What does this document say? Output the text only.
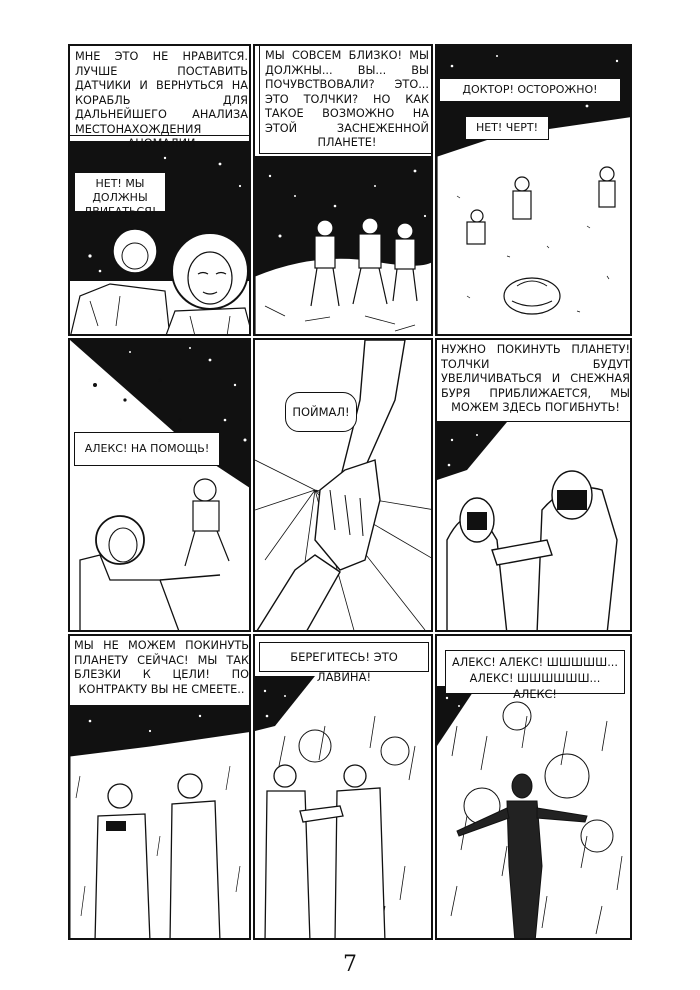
МНЕ ЭТО НЕ НРАВИТСЯ. ЛУЧШЕ ПОСТАВИТЬ ДАТЧИКИ И ВЕРНУТЬСЯ НА КОРАБЛЬ ДЛЯ ДАЛЬНЕЙШЕГО АНАЛИЗА МЕСТОНАХОЖДЕНИЯ АНОМАЛИИ
НЕТ! МЫ ДОЛЖНЫ ДВИГАТЬСЯ!
МЫ СОВСЕМ БЛИЗКО! МЫ ДОЛЖНЫ... ВЫ... ВЫ ПОЧУВСТВОВАЛИ? ЭТО... ЭТО ТОЛЧКИ? НО КАК ТАКОЕ ВОЗМОЖНО НА ЭТОЙ ЗАСНЕЖЕННОЙ ПЛАНЕТЕ!
ДОКТОР! ОСТОРОЖНО!
НЕТ! ЧЕРТ!
АЛЕКС! НА ПОМОЩЬ!
ПОЙМАЛ!
НУЖНО ПОКИНУТЬ ПЛАНЕТУ! ТОЛЧКИ БУДУТ УВЕЛИЧИВАТЬСЯ И СНЕЖНАЯ БУРЯ ПРИБЛИЖАЕТСЯ, МЫ МОЖЕМ ЗДЕСЬ ПОГИБНУТЬ!
МЫ НЕ МОЖЕМ ПОКИНУТЬ ПЛАНЕТУ СЕЙЧАС! МЫ ТАК БЛЕЗКИ К ЦЕЛИ! ПО КОНТРАКТУ ВЫ НЕ СМЕЕТЕ..
БЕРЕГИТЕСЬ! ЭТО ЛАВИНА!
АЛЕКС! АЛЕКС! ШШШШШ... АЛЕКС! ШШШШШШ... АЛЕКС!
7
